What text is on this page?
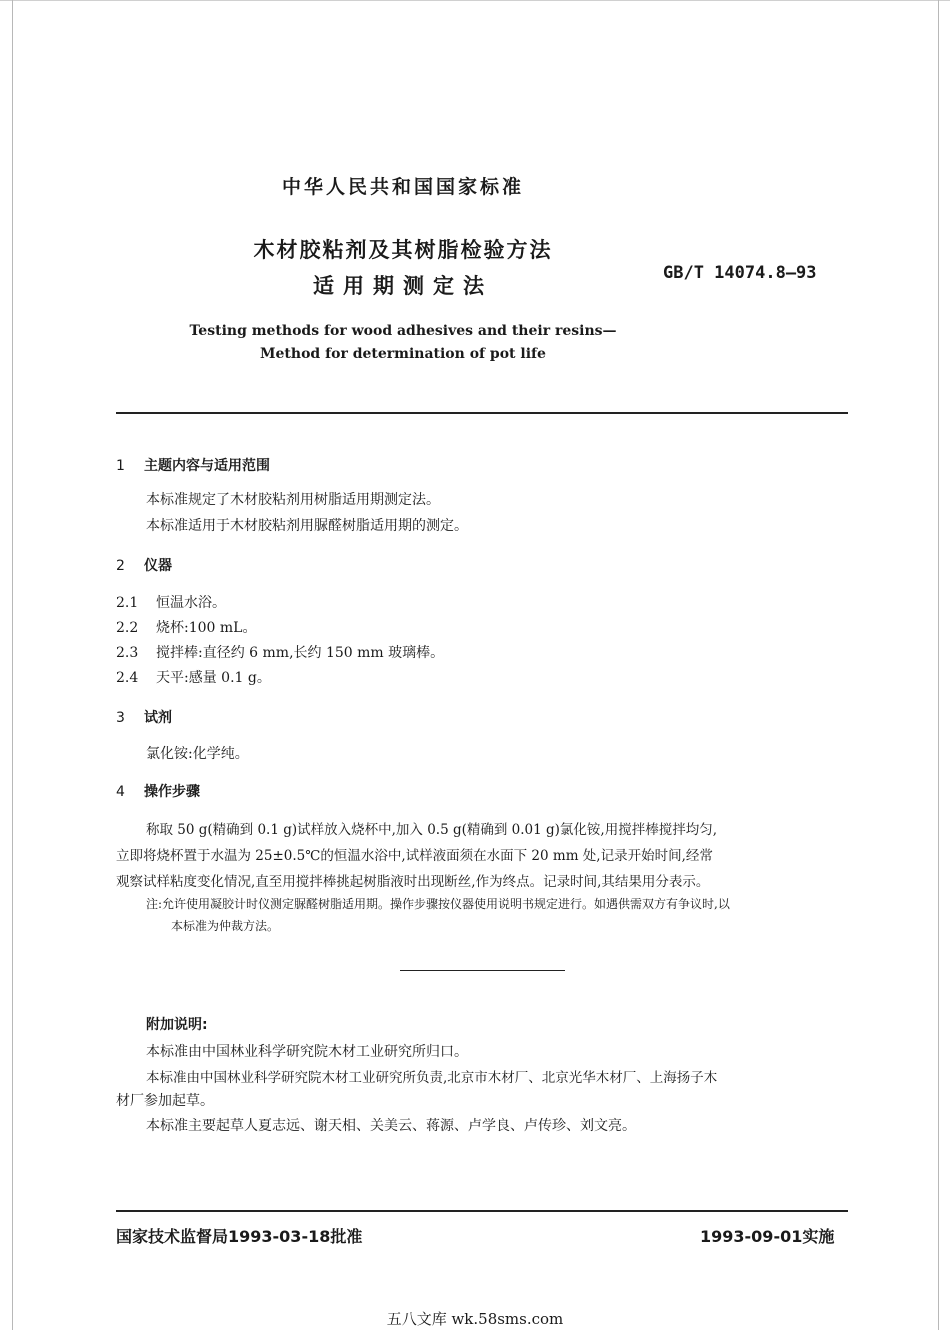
中华人民共和国国家标准
木材胶粘剂及其树脂检验方法
适用期测定法
GB/T 14074.8—93
Testing methods for wood adhesives and their resins—
Method for determination of pot life
1 主题内容与适用范围
本标准规定了木材胶粘剂用树脂适用期测定法。
本标准适用于木材胶粘剂用脲醛树脂适用期的测定。
2 仪器
2.1 恒温水浴。
2.2 烧杯:100 mL。
2.3 搅拌棒:直径约 6 mm,长约 150 mm 玻璃棒。
2.4 天平:感量 0.1 g。
3 试剂
氯化铵:化学纯。
4 操作步骤
称取 50 g(精确到 0.1 g)试样放入烧杯中,加入 0.5 g(精确到 0.01 g)氯化铵,用搅拌棒搅拌均匀,
立即将烧杯置于水温为 25±0.5℃的恒温水浴中,试样液面须在水面下 20 mm 处,记录开始时间,经常
观察试样粘度变化情况,直至用搅拌棒挑起树脂液时出现断丝,作为终点。记录时间,其结果用分表示。
注:允许使用凝胶计时仪测定脲醛树脂适用期。操作步骤按仪器使用说明书规定进行。如遇供需双方有争议时,以
本标准为仲裁方法。
附加说明:
本标准由中国林业科学研究院木材工业研究所归口。
本标准由中国林业科学研究院木材工业研究所负责,北京市木材厂、北京光华木材厂、上海扬子木
材厂参加起草。
本标准主要起草人夏志远、谢天相、关美云、蒋源、卢学良、卢传珍、刘文亮。
国家技术监督局1993-03-18批准	1993-09-01实施
五八文库 wk.58sms.com
